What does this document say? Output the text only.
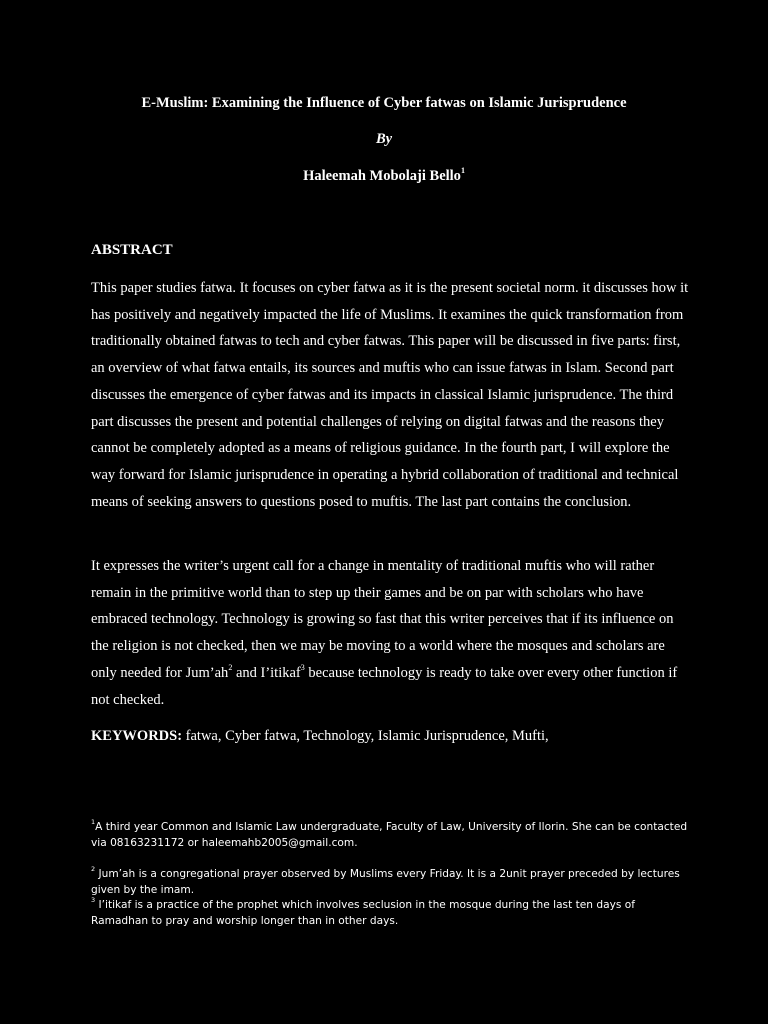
E-Muslim: Examining the Influence of Cyber fatwas on Islamic Jurisprudence
By
Haleemah Mobolaji Bello$^1$
ABSTRACT

This paper studies fatwa. It focuses on cyber fatwa as it is the present societal norm. it discusses how it has positively and negatively impacted the life of Muslims. It examines the quick transformation from traditionally obtained fatwas to tech and cyber fatwas. This paper will be discussed in five parts: first, an overview of what fatwa entails, its sources and muftis who can issue fatwas in Islam. Second part discusses the emergence of cyber fatwas and its impacts in classical Islamic jurisprudence. The third part discusses the present and potential challenges of relying on digital fatwas and the reasons they cannot be completely adopted as a means of religious guidance. In the fourth part, I will explore the way forward for Islamic jurisprudence in operating a hybrid collaboration of traditional and technical means of seeking answers to questions posed to muftis. The last part contains the conclusion.

It expresses the writer’s urgent call for a change in mentality of traditional muftis who will rather remain in the primitive world than to step up their games and be on par with scholars who have embraced technology. Technology is growing so fast that this writer perceives that if its influence on the religion is not checked, then we may be moving to a world where the mosques and scholars are only needed for $Jum’ah^2$ and I’itikaf$^3$ because technology is ready to take over every other function if not checked.

KEYWORDS: fatwa, Cyber fatwa, Technology, Islamic Jurisprudence, Mufti,

$^1$A third year Common and Islamic Law undergraduate, Faculty of Law, University of Ilorin. She can be contacted via 08163231172 or haleemahb2005@gmail.com.

$^2$ Jum’ah is a congregational prayer observed by Muslims every Friday. It is a 2unit prayer preceded by lectures given by the imam.

$^3$ I’itikaf is a practice of the prophet which involves seclusion in the mosque during the last ten days of Ramadhan to pray and worship longer than in other days.
